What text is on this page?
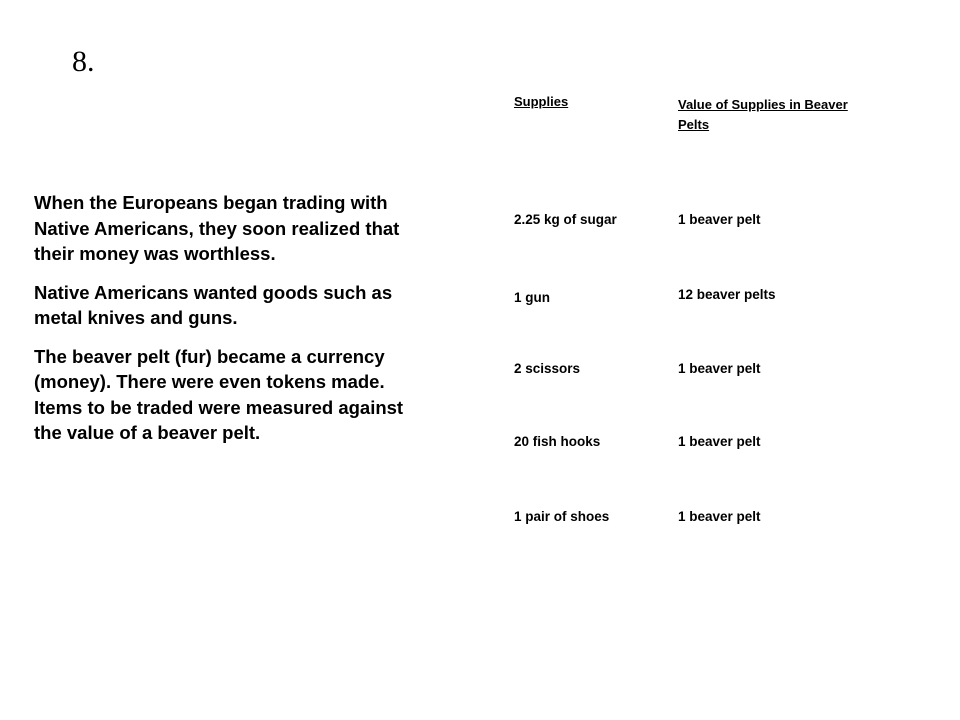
8.

When the Europeans began trading with Native Americans, they soon realized that their money was worthless.

Native Americans wanted goods such as metal knives and guns.

The beaver pelt (fur) became a currency (money). There were even tokens made. Items to be traded were measured against the value of a beaver pelt.

Supplies	Value of Supplies in Beaver Pelts
2.25 kg of sugar	1 beaver pelt
1 gun	12 beaver pelts
2 scissors	1 beaver pelt
20 fish hooks	1 beaver pelt
1 pair of shoes	1 beaver pelt
